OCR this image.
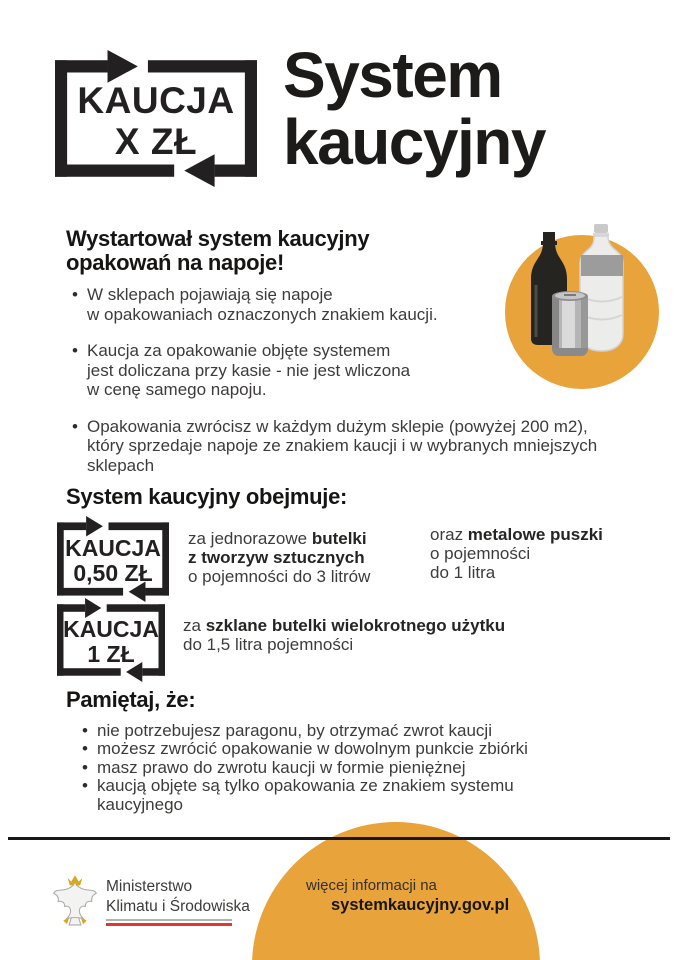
KAUCJA
X ZŁ
System
kaucyjny
Wystartował system kaucyjny
opakowań na napoje!
• W sklepach pojawiają się napoje
w opakowaniach oznaczonych znakiem kaucji.
• Kaucja za opakowanie objęte systemem
jest doliczana przy kasie - nie jest wliczona
w cenę samego napoju.
• Opakowania zwrócisz w każdym dużym sklepie (powyżej 200 m2),
który sprzedaje napoje ze znakiem kaucji i w wybranych mniejszych
sklepach
System kaucyjny obejmuje:
KAUCJA
0,50 ZŁ
za jednorazowe butelki
z tworzyw sztucznych
o pojemności do 3 litrów
oraz metalowe puszki
o pojemności
do 1 litra
KAUCJA
1 ZŁ
za szklane butelki wielokrotnego użytku
do 1,5 litra pojemności
Pamiętaj, że:
• nie potrzebujesz paragonu, by otrzymać zwrot kaucji
• możesz zwrócić opakowanie w dowolnym punkcie zbiórki
• masz prawo do zwrotu kaucji w formie pieniężnej
• kaucją objęte są tylko opakowania ze znakiem systemu
kaucyjnego
Ministerstwo
Klimatu i Środowiska
więcej informacji na
systemkaucyjny.gov.pl
